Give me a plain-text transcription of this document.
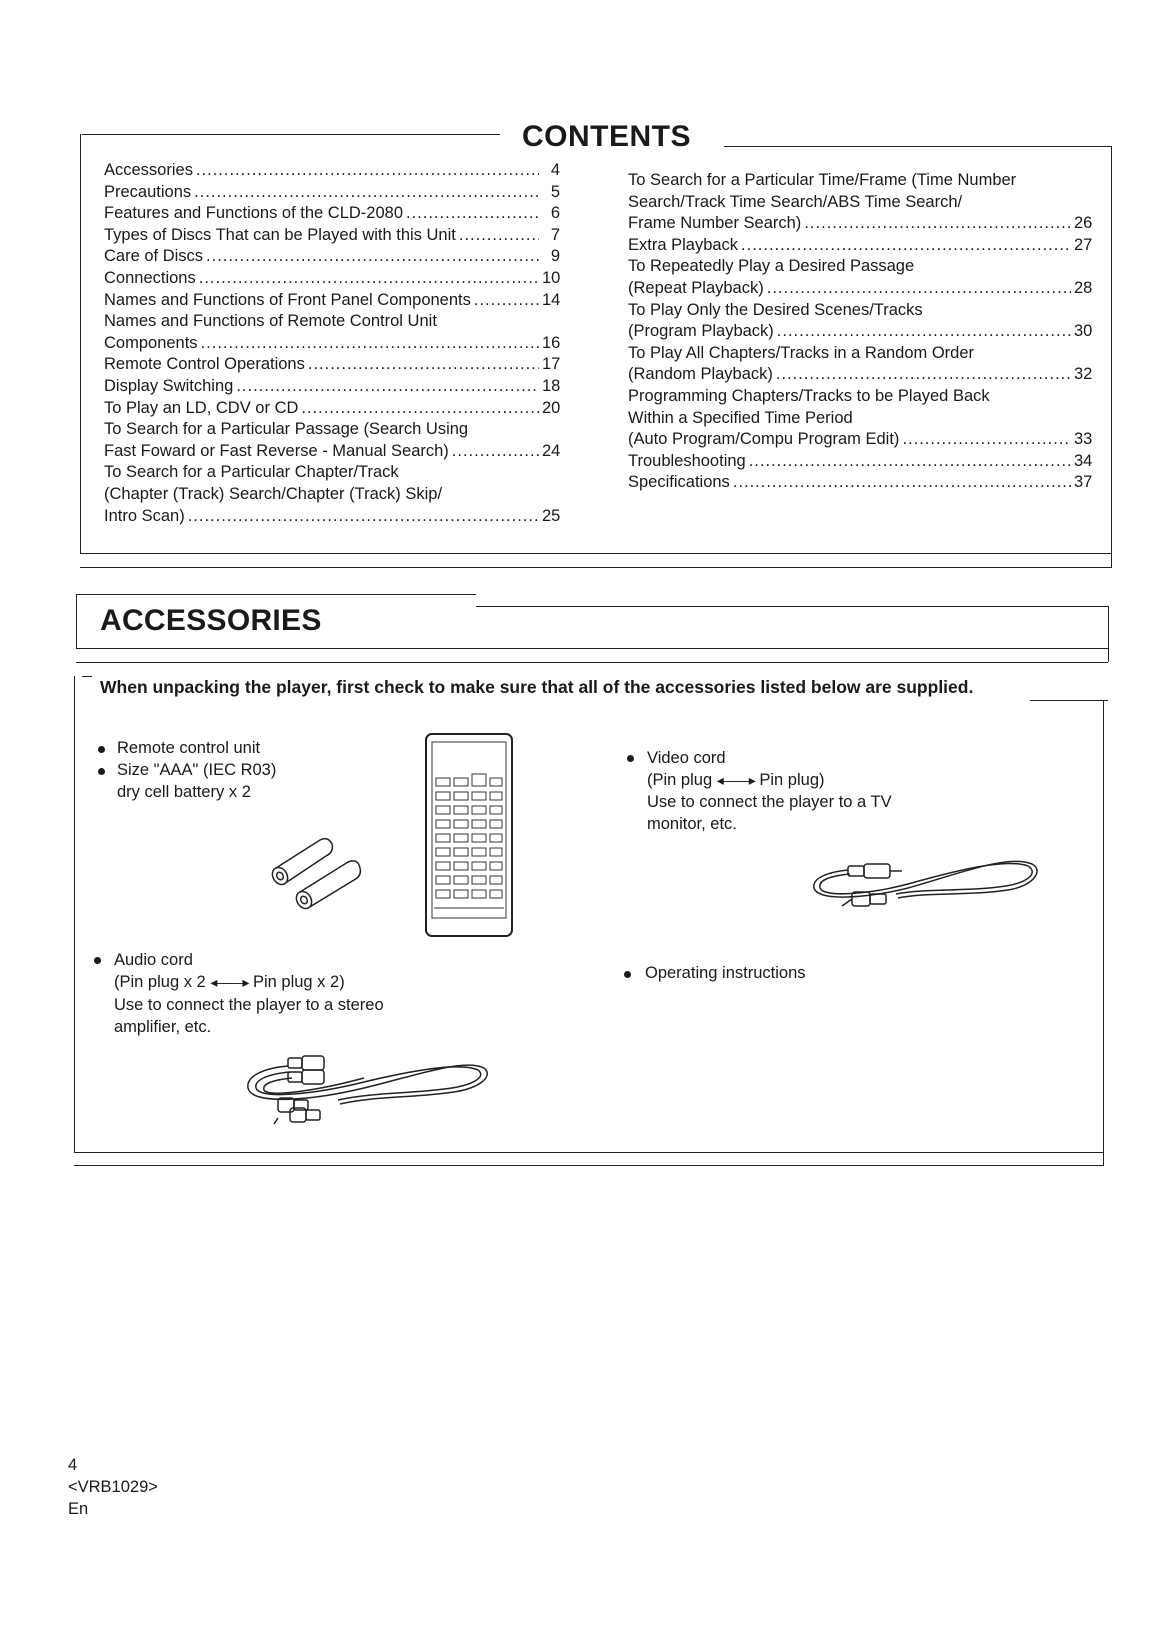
CONTENTS
Accessories .....	4
Precautions .....	5
Features and Functions of the CLD-2080 .....	6
Types of Discs That can be Played with this Unit .....	7
Care of Discs .....	9
Connections .....	10
Names and Functions of Front Panel Components .....	14
Names and Functions of Remote Control Unit
Components .....	16
Remote Control Operations .....	17
Display Switching .....	18
To Play an LD, CDV or CD .....	20
To Search for a Particular Passage (Search Using
Fast Foward or Fast Reverse - Manual Search) .....	24
To Search for a Particular Chapter/Track
(Chapter (Track) Search/Chapter (Track) Skip/
Intro Scan) .....	25
To Search for a Particular Time/Frame (Time Number
Search/Track Time Search/ABS Time Search/
Frame Number Search) .....	26
Extra Playback .....	27
To Repeatedly Play a Desired Passage
(Repeat Playback) .....	28
To Play Only the Desired Scenes/Tracks
(Program Playback) .....	30
To Play All Chapters/Tracks in a Random Order
(Random Playback) .....	32
Programming Chapters/Tracks to be Played Back
Within a Specified Time Period
(Auto Program/Compu Program Edit) .....	33
Troubleshooting .....	34
Specifications .....	37
ACCESSORIES
When unpacking the player, first check to make sure that all of the accessories listed below are supplied.
Remote control unit
Size "AAA" (IEC R03)
dry cell battery x 2
Video cord
(Pin plug ◂——▸ Pin plug)
Use to connect the player to a TV
monitor, etc.
Audio cord
(Pin plug x 2 ◂——▸ Pin plug x 2)
Use to connect the player to a stereo
amplifier, etc.
Operating instructions
4
<VRB1029>
En
